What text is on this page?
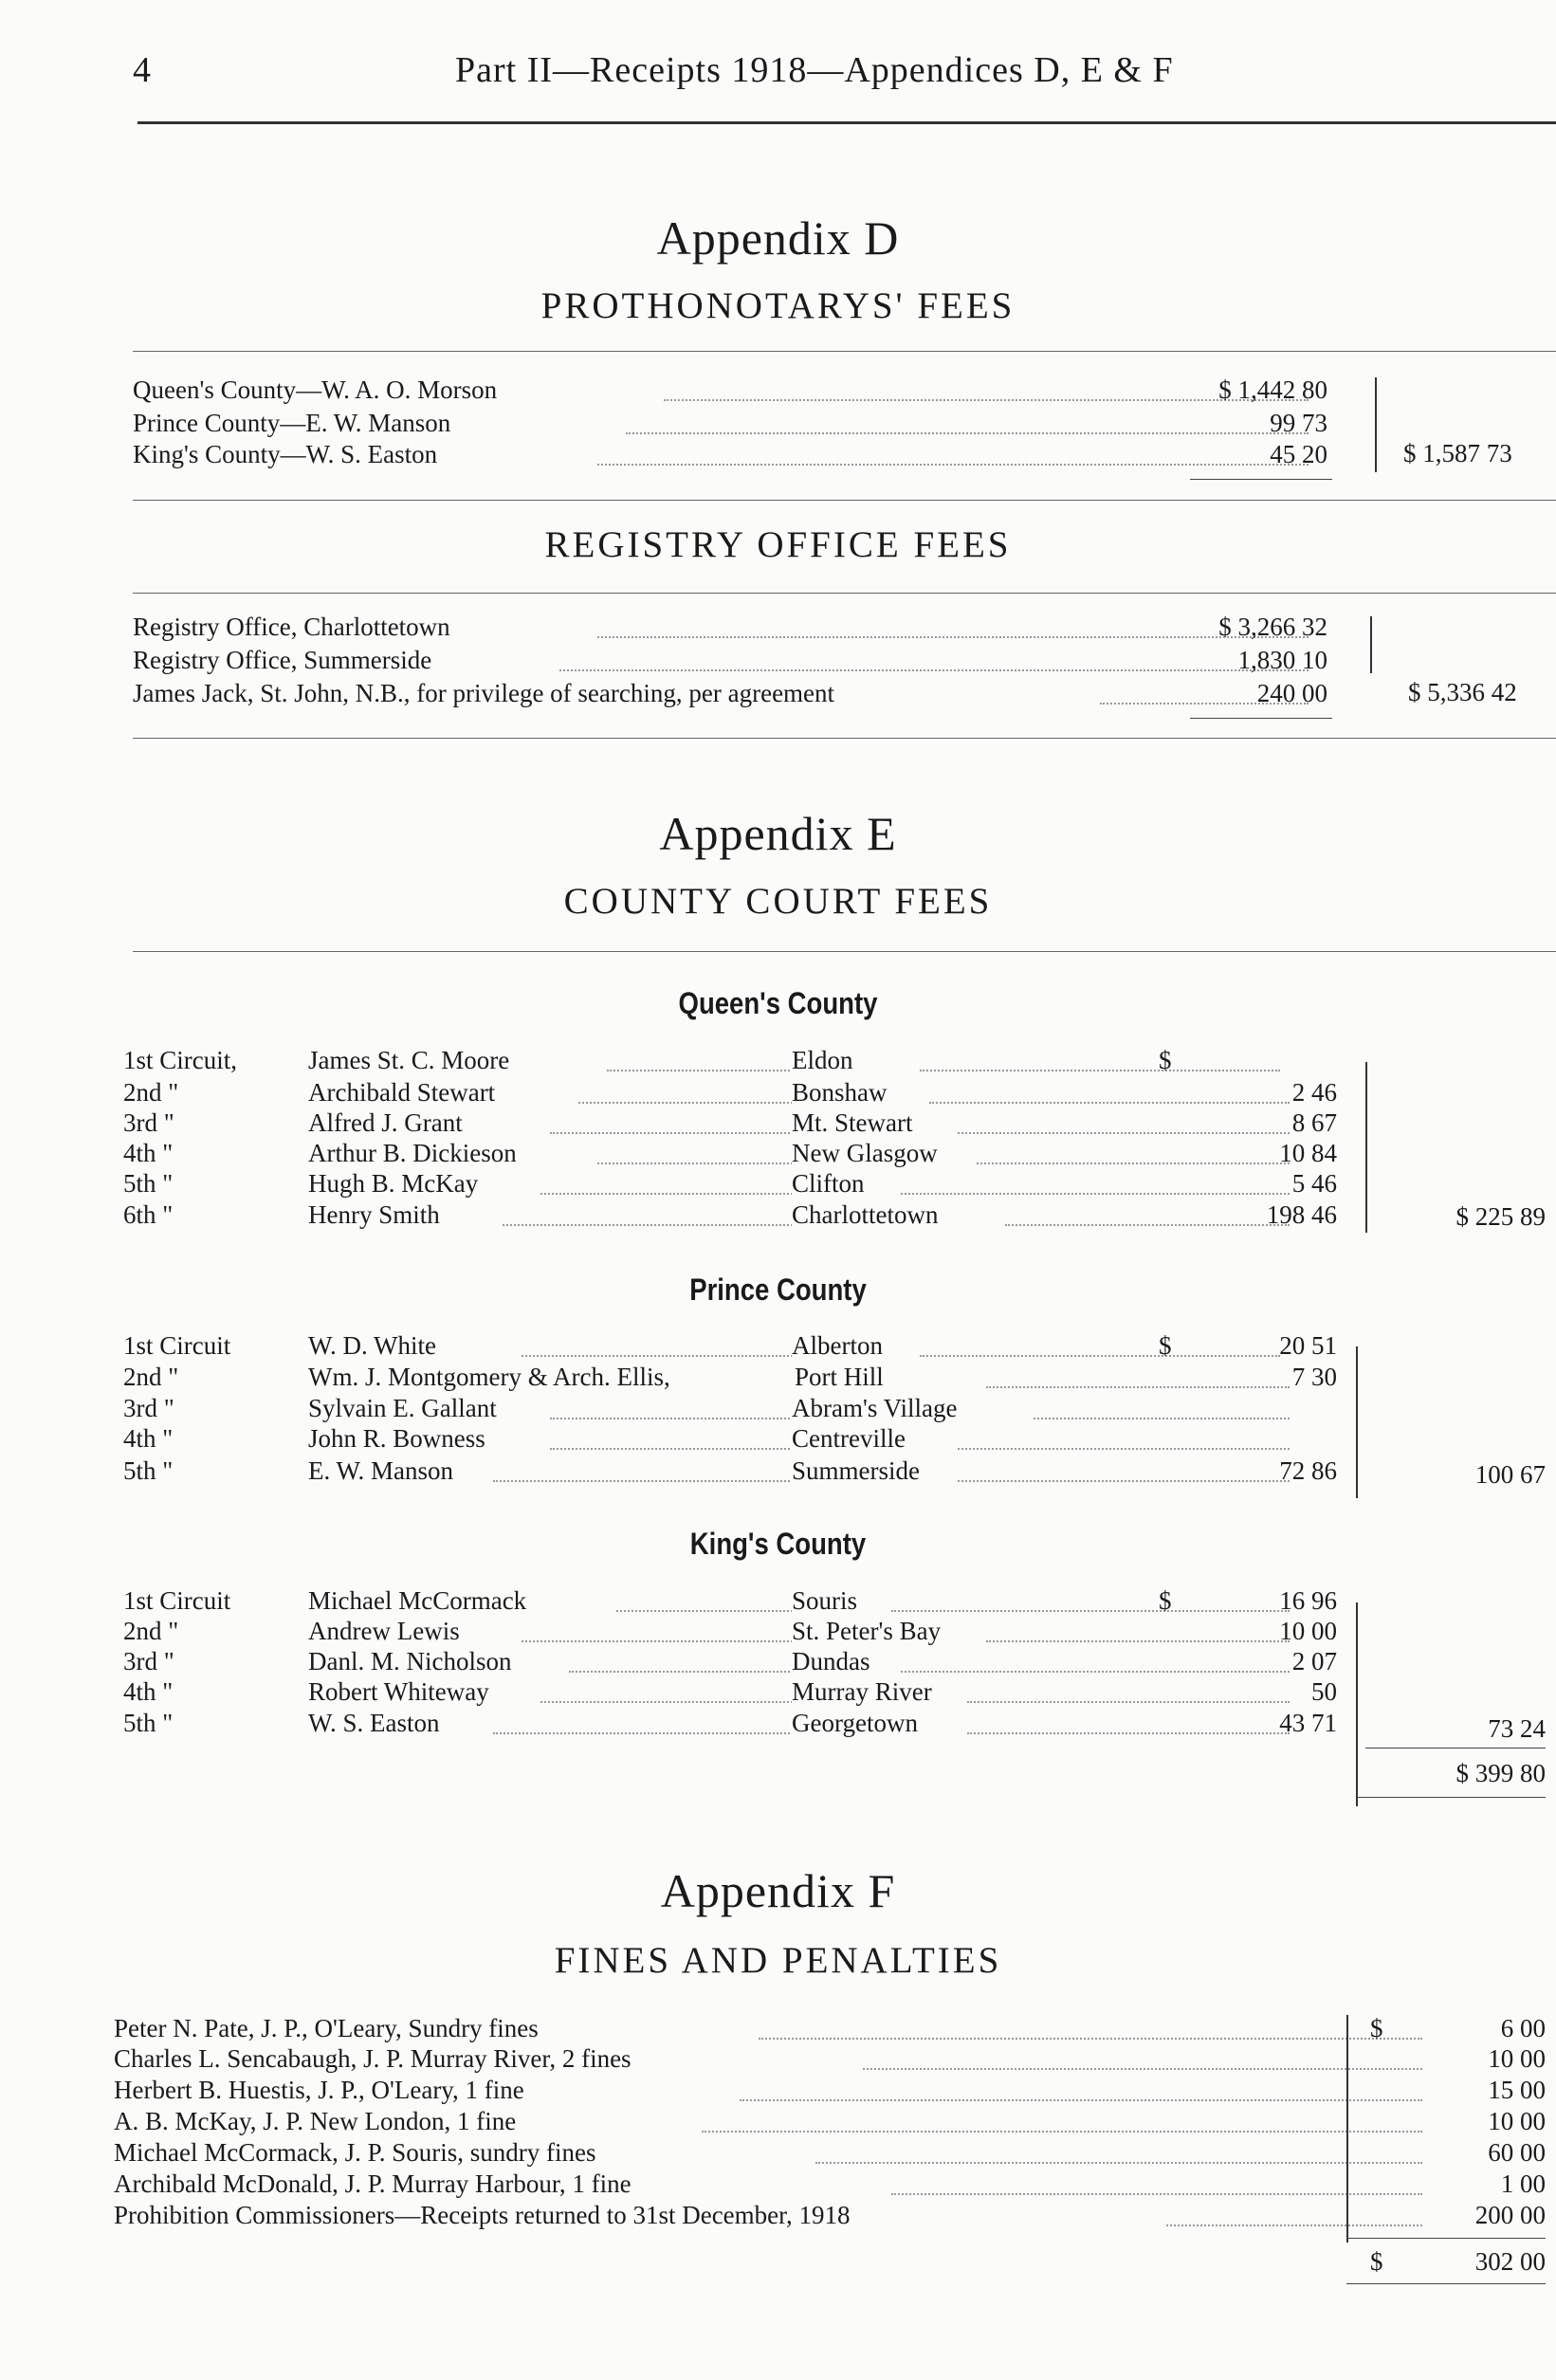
4	Part II—Receipts 1918—Appendices D, E & F
Appendix D
PROTHONOTARYS' FEES
Queen's County—W. A. O. Morson	$ 1,442 80
Prince County—E. W. Manson	99 73
King's County—W. S. Easton	45 20	$ 1,587 73
REGISTRY OFFICE FEES
Registry Office, Charlottetown	$ 3,266 32
Registry Office, Summerside	1,830 10
James Jack, St. John, N.B., for privilege of searching, per agreement	240 00	$ 5,336 42
Appendix E
COUNTY COURT FEES
Queen's County
1st Circuit,	James St. C. Moore	Eldon	$
2nd "	Archibald Stewart	Bonshaw	2 46
3rd "	Alfred J. Grant	Mt. Stewart	8 67
4th "	Arthur B. Dickieson	New Glasgow	10 84
5th "	Hugh B. McKay	Clifton	5 46
6th "	Henry Smith	Charlottetown	198 46	$ 225 89
Prince County
1st Circuit	W. D. White	Alberton	$	20 51
2nd "	Wm. J. Montgomery & Arch. Ellis,	Port Hill	7 30
3rd "	Sylvain E. Gallant	Abram's Village
4th "	John R. Bowness	Centreville
5th "	E. W. Manson	Summerside	72 86	100 67
King's County
1st Circuit	Michael McCormack	Souris	$	16 96
2nd "	Andrew Lewis	St. Peter's Bay	10 00
3rd "	Danl. M. Nicholson	Dundas	2 07
4th "	Robert Whiteway	Murray River	50
5th "	W. S. Easton	Georgetown	43 71	73 24
$ 399 80
Appendix F
FINES AND PENALTIES
Peter N. Pate, J. P., O'Leary, Sundry fines	$	6 00
Charles L. Sencabaugh, J. P. Murray River, 2 fines	10 00
Herbert B. Huestis, J. P., O'Leary, 1 fine	15 00
A. B. McKay, J. P. New London, 1 fine	10 00
Michael McCormack, J. P. Souris, sundry fines	60 00
Archibald McDonald, J. P. Murray Harbour, 1 fine	1 00
Prohibition Commissioners—Receipts returned to 31st December, 1918	200 00
$	302 00
